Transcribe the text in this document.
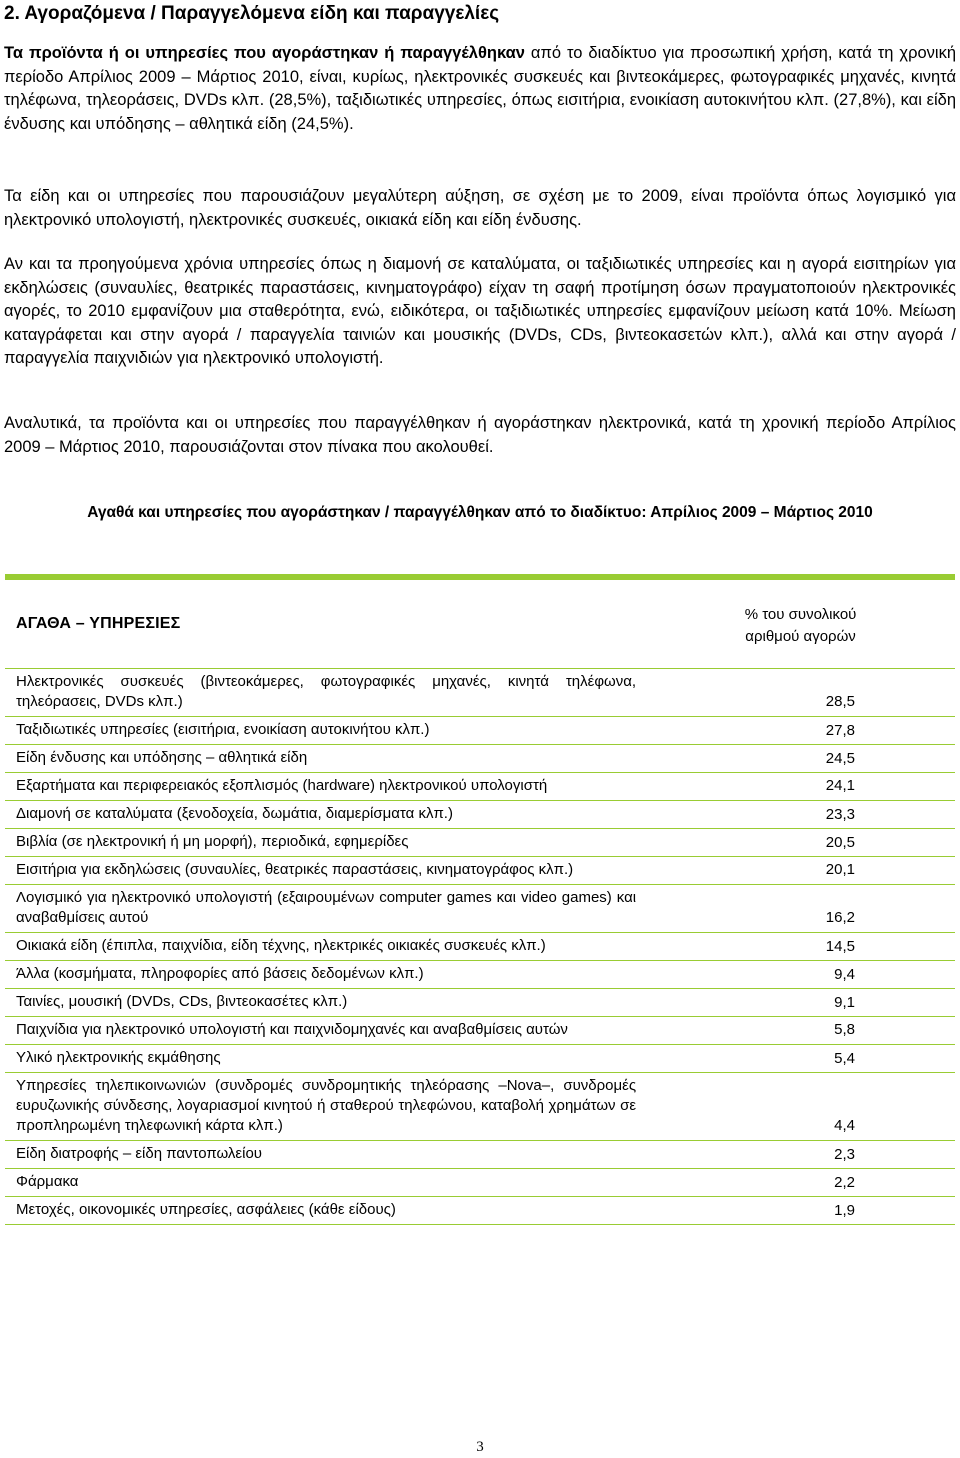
2. Αγοραζόμενα / Παραγγελόμενα είδη και παραγγελίες

Τα προϊόντα ή οι υπηρεσίες που αγοράστηκαν ή παραγγέλθηκαν από το διαδίκτυο για προσωπική χρήση, κατά τη χρονική περίοδο Απρίλιος 2009 – Μάρτιος 2010, είναι, κυρίως, ηλεκτρονικές συσκευές και βιντεοκάμερες, φωτογραφικές μηχανές, κινητά τηλέφωνα, τηλεοράσεις, DVDs κλπ. (28,5%), ταξιδιωτικές υπηρεσίες, όπως εισιτήρια, ενοικίαση αυτοκινήτου κλπ. (27,8%), και είδη ένδυσης και υπόδησης – αθλητικά είδη (24,5%).

Τα είδη και οι υπηρεσίες που παρουσιάζουν μεγαλύτερη αύξηση, σε σχέση με το 2009, είναι προϊόντα όπως λογισμικό για ηλεκτρονικό υπολογιστή, ηλεκτρονικές συσκευές, οικιακά είδη και είδη ένδυσης.

Αν και τα προηγούμενα χρόνια υπηρεσίες όπως η διαμονή σε καταλύματα, οι ταξιδιωτικές υπηρεσίες και η αγορά εισιτηρίων για εκδηλώσεις (συναυλίες, θεατρικές παραστάσεις, κινηματογράφο) είχαν τη σαφή προτίμηση όσων πραγματοποιούν ηλεκτρονικές αγορές, το 2010 εμφανίζουν μια σταθερότητα, ενώ, ειδικότερα, οι ταξιδιωτικές υπηρεσίες εμφανίζουν μείωση κατά 10%. Μείωση καταγράφεται και στην αγορά / παραγγελία ταινιών και μουσικής (DVDs, CDs, βιντεοκασετών κλπ.), αλλά και στην αγορά / παραγγελία παιχνιδιών για ηλεκτρονικό υπολογιστή.

Αναλυτικά, τα προϊόντα και οι υπηρεσίες που παραγγέλθηκαν ή αγοράστηκαν ηλεκτρονικά, κατά τη χρονική περίοδο Απρίλιος 2009 – Μάρτιος 2010, παρουσιάζονται στον πίνακα που ακολουθεί.

Αγαθά και υπηρεσίες που αγοράστηκαν / παραγγέλθηκαν από το διαδίκτυο: Απρίλιος 2009 – Μάρτιος 2010

ΑΓΑΘΑ – ΥΠΗΡΕΣΙΕΣ	% του συνολικού
αριθμού αγορών

Ηλεκτρονικές συσκευές (βιντεοκάμερες, φωτογραφικές μηχανές, κινητά τηλέφωνα, τηλεόρασεις, DVDs κλπ.)	28,5
Ταξιδιωτικές υπηρεσίες (εισιτήρια, ενοικίαση αυτοκινήτου κλπ.)	27,8
Είδη ένδυσης και υπόδησης – αθλητικά είδη	24,5
Εξαρτήματα και περιφερειακός εξοπλισμός (hardware) ηλεκτρονικού υπολογιστή	24,1
Διαμονή σε καταλύματα (ξενοδοχεία, δωμάτια, διαμερίσματα κλπ.)	23,3
Βιβλία (σε ηλεκτρονική ή μη μορφή), περιοδικά, εφημερίδες	20,5
Εισιτήρια για εκδηλώσεις (συναυλίες, θεατρικές παραστάσεις, κινηματογράφος κλπ.)	20,1
Λογισμικό για ηλεκτρονικό υπολογιστή (εξαιρουμένων computer games και video games) και αναβαθμίσεις αυτού	16,2
Οικιακά είδη (έπιπλα, παιχνίδια, είδη τέχνης, ηλεκτρικές οικιακές συσκευές κλπ.)	14,5
Άλλα (κοσμήματα, πληροφορίες από βάσεις δεδομένων κλπ.)	9,4
Ταινίες, μουσική (DVDs, CDs, βιντεοκασέτες κλπ.)	9,1
Παιχνίδια για ηλεκτρονικό υπολογιστή και παιχνιδομηχανές και αναβαθμίσεις αυτών	5,8
Υλικό ηλεκτρονικής εκμάθησης	5,4
Υπηρεσίες τηλεπικοινωνιών (συνδρομές συνδρομητικής τηλεόρασης –Nova–, συνδρομές ευρυζωνικής σύνδεσης, λογαριασμοί κινητού ή σταθερού τηλεφώνου, καταβολή χρημάτων σε προπληρωμένη τηλεφωνική κάρτα κλπ.)	4,4
Είδη διατροφής – είδη παντοπωλείου	2,3
Φάρμακα	2,2
Μετοχές, οικονομικές υπηρεσίες, ασφάλειες (κάθε είδους)	1,9
3
